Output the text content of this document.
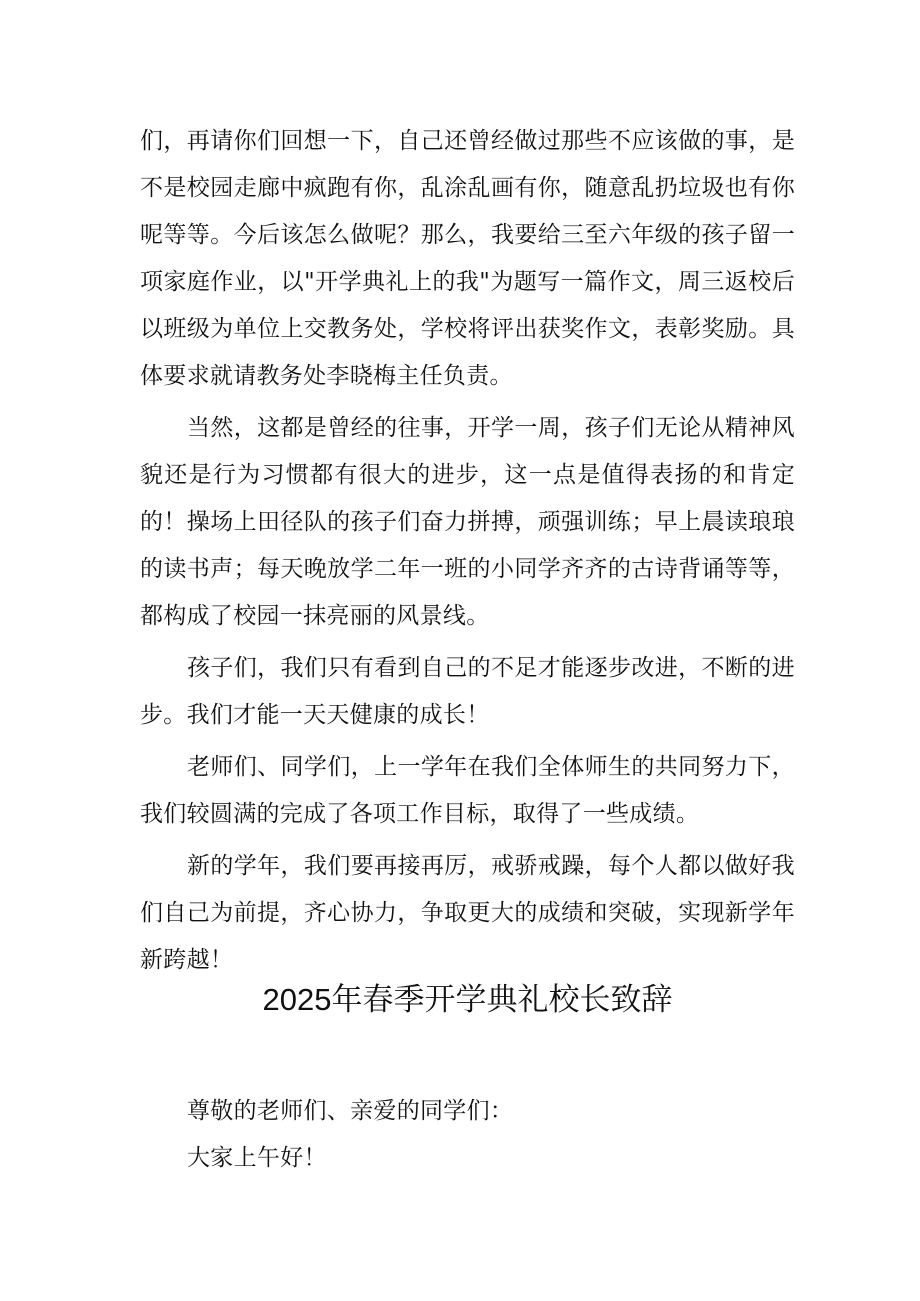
们，再请你们回想一下，自己还曾经做过那些不应该做的事，是不是校园走廊中疯跑有你，乱涂乱画有你，随意乱扔垃圾也有你呢等等。今后该怎么做呢？那么，我要给三至六年级的孩子留一项家庭作业，以"开学典礼上的我"为题写一篇作文，周三返校后以班级为单位上交教务处，学校将评出获奖作文，表彰奖励。具体要求就请教务处李晓梅主任负责。

当然，这都是曾经的往事，开学一周，孩子们无论从精神风貌还是行为习惯都有很大的进步，这一点是值得表扬的和肯定的！操场上田径队的孩子们奋力拼搏，顽强训练；早上晨读琅琅的读书声；每天晚放学二年一班的小同学齐齐的古诗背诵等等，都构成了校园一抹亮丽的风景线。

孩子们，我们只有看到自己的不足才能逐步改进，不断的进步。我们才能一天天健康的成长！

老师们、同学们，上一学年在我们全体师生的共同努力下，我们较圆满的完成了各项工作目标，取得了一些成绩。

新的学年，我们要再接再厉，戒骄戒躁，每个人都以做好我们自己为前提，齐心协力，争取更大的成绩和突破，实现新学年新跨越！

2025年春季开学典礼校长致辞

尊敬的老师们、亲爱的同学们：

大家上午好！
